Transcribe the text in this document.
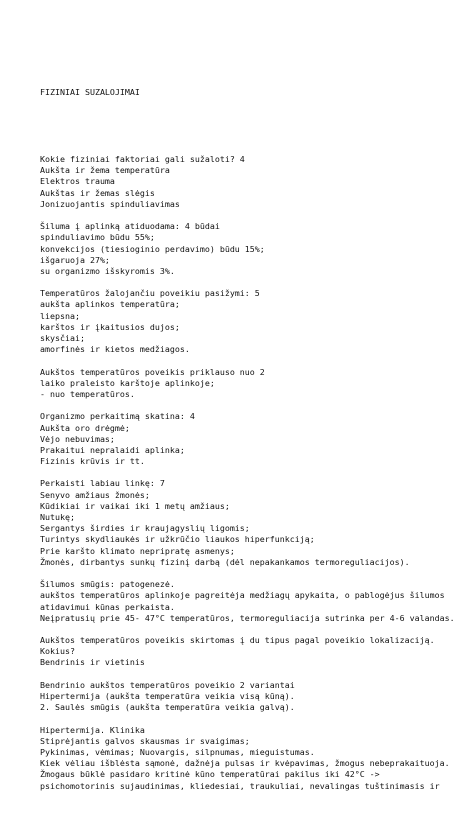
FIZINIAI SUZALOJIMAI

Kokie fiziniai faktoriai gali sužaloti? 4
Aukšta ir žema temperatūra
Elektros trauma
Aukštas ir žemas slėgis
Jonizuojantis spinduliavimas
Šiluma į aplinką atiduodama: 4 būdai
spinduliavimo būdu 55%;
konvekcijos (tiesioginio perdavimo) būdu 15%;
išgaruoja 27%;
su organizmo išskyromis 3%.
Temperatūros žalojančiu poveikiu pasižymi: 5
aukšta aplinkos temperatūra;
liepsna;
karštos ir įkaitusios dujos;
skysčiai;
amorfinės ir kietos medžiagos.
Aukštos temperatūros poveikis priklauso nuo 2
laiko praleisto karštoje aplinkoje;
- nuo temperatūros.
Organizmo perkaitimą skatina: 4
Aukšta oro drėgmė;
Vėjo nebuvimas;
Prakaitui nepralaidi aplinka;
Fizinis krūvis ir tt.
Perkaisti labiau linkę: 7
Senyvo amžiaus žmonės;
Kūdikiai ir vaikai iki 1 metų amžiaus;
Nutukę;
Sergantys širdies ir kraujagyslių ligomis;
Turintys skydliaukės ir užkrūčio liaukos hiperfunkciją;
Prie karšto klimato nepripratę asmenys;
Žmonės, dirbantys sunkų fizinį darbą (dėl nepakankamos termoreguliacijos).
Šilumos smūgis: patogenezė.
aukštos temperatūros aplinkoje pagreitėja medžiagų apykaita, o pablogėjus šilumos
atidavimui kūnas perkaista.
Neįpratusių prie 45- 47°C temperatūros, termoreguliacija sutrinka per 4-6 valandas.
Aukštos temperatūros poveikis skirtomas į du tipus pagal poveikio lokalizaciją.
Kokius?
Bendrinis ir vietinis
Bendrinio aukštos temperatūros poveikio 2 variantai
Hipertermija (aukšta temperatūra veikia visą kūną).
2. Saulės smūgis (aukšta temperatūra veikia galvą).
Hipertermija. Klinika
Stiprėjantis galvos skausmas ir svaigimas;
Pykinimas, vėmimas; Nuovargis, silpnumas, mieguistumas.
Kiek vėliau išblėsta sąmonė, dažnėja pulsas ir kvėpavimas, žmogus nebeprakaituoja.
Žmogaus būklė pasidaro kritinė kūno temperatūrai pakilus iki 42°C ->
psichomotorinis sujaudinimas, kliedesiai, traukuliai, nevalingas tuštinimasis ir
